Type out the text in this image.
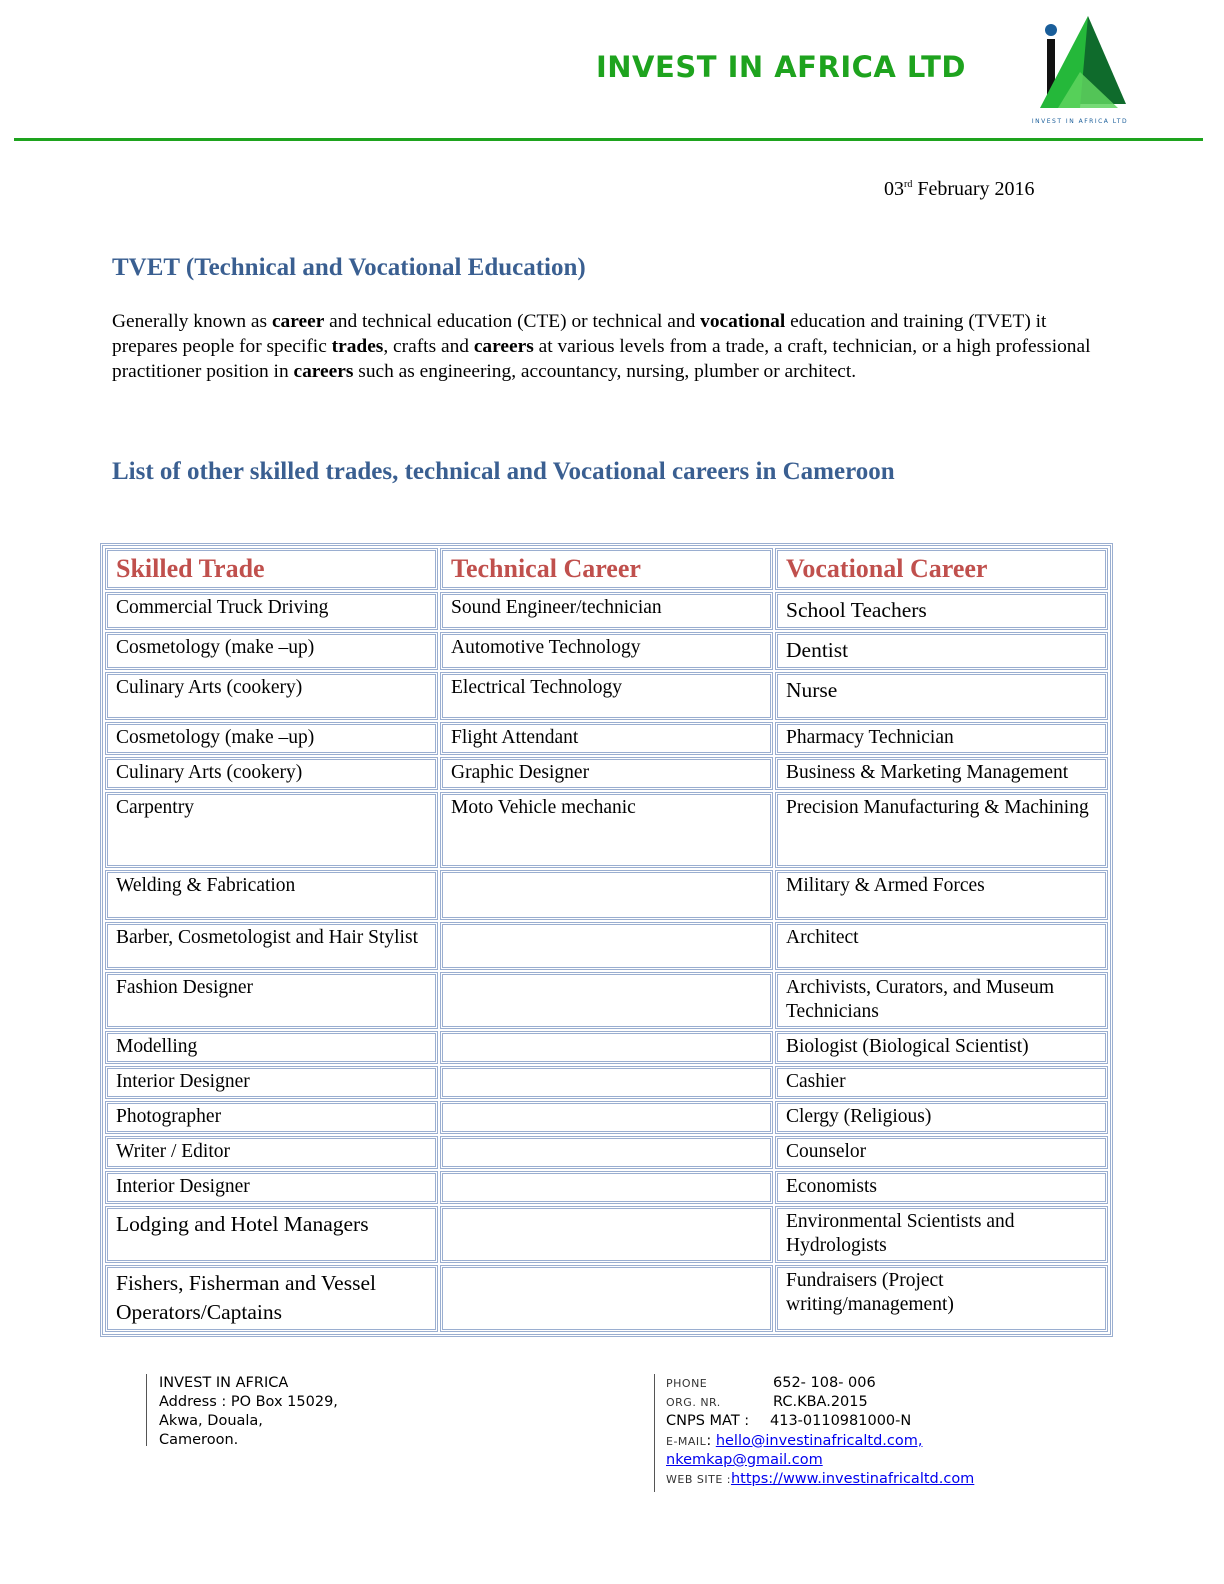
INVEST IN AFRICA LTD
INVEST IN AFRICA LTD
03rd February 2016
TVET (Technical and Vocational Education)
Generally known as career and technical education (CTE) or technical and vocational education and training (TVET) it prepares people for specific trades, crafts and careers at various levels from a trade, a craft, technician, or a high professional practitioner position in careers such as engineering, accountancy, nursing, plumber or architect.
List of other skilled trades, technical and Vocational careers in Cameroon
Skilled Trade	Technical Career	Vocational Career
Commercial Truck Driving	Sound Engineer/technician	School Teachers
Cosmetology (make –up)	Automotive Technology	Dentist
Culinary Arts (cookery)	Electrical Technology	Nurse
Cosmetology (make –up)	Flight Attendant	Pharmacy Technician
Culinary Arts (cookery)	Graphic Designer	Business & Marketing Management
Carpentry	Moto Vehicle mechanic	Precision Manufacturing & Machining
Welding & Fabrication		Military & Armed Forces
Barber, Cosmetologist and Hair Stylist		Architect
Fashion Designer		Archivists, Curators, and Museum Technicians
Modelling		Biologist (Biological Scientist)
Interior Designer		Cashier
Photographer		Clergy (Religious)
Writer / Editor		Counselor
Interior Designer		Economists
Lodging and Hotel Managers		Environmental Scientists and Hydrologists
Fishers, Fisherman and Vessel Operators/Captains		Fundraisers (Project writing/management)
INVEST IN AFRICA
Address : PO Box 15029,
Akwa, Douala,
Cameroon.
PHONE	652- 108- 006
ORG. NR.	RC.KBA.2015
CNPS MAT : 413-0110981000-N
E-MAIL: hello@investinafricaltd.com,
nkemkap@gmail.com
WEB SITE :https://www.investinafricaltd.com
